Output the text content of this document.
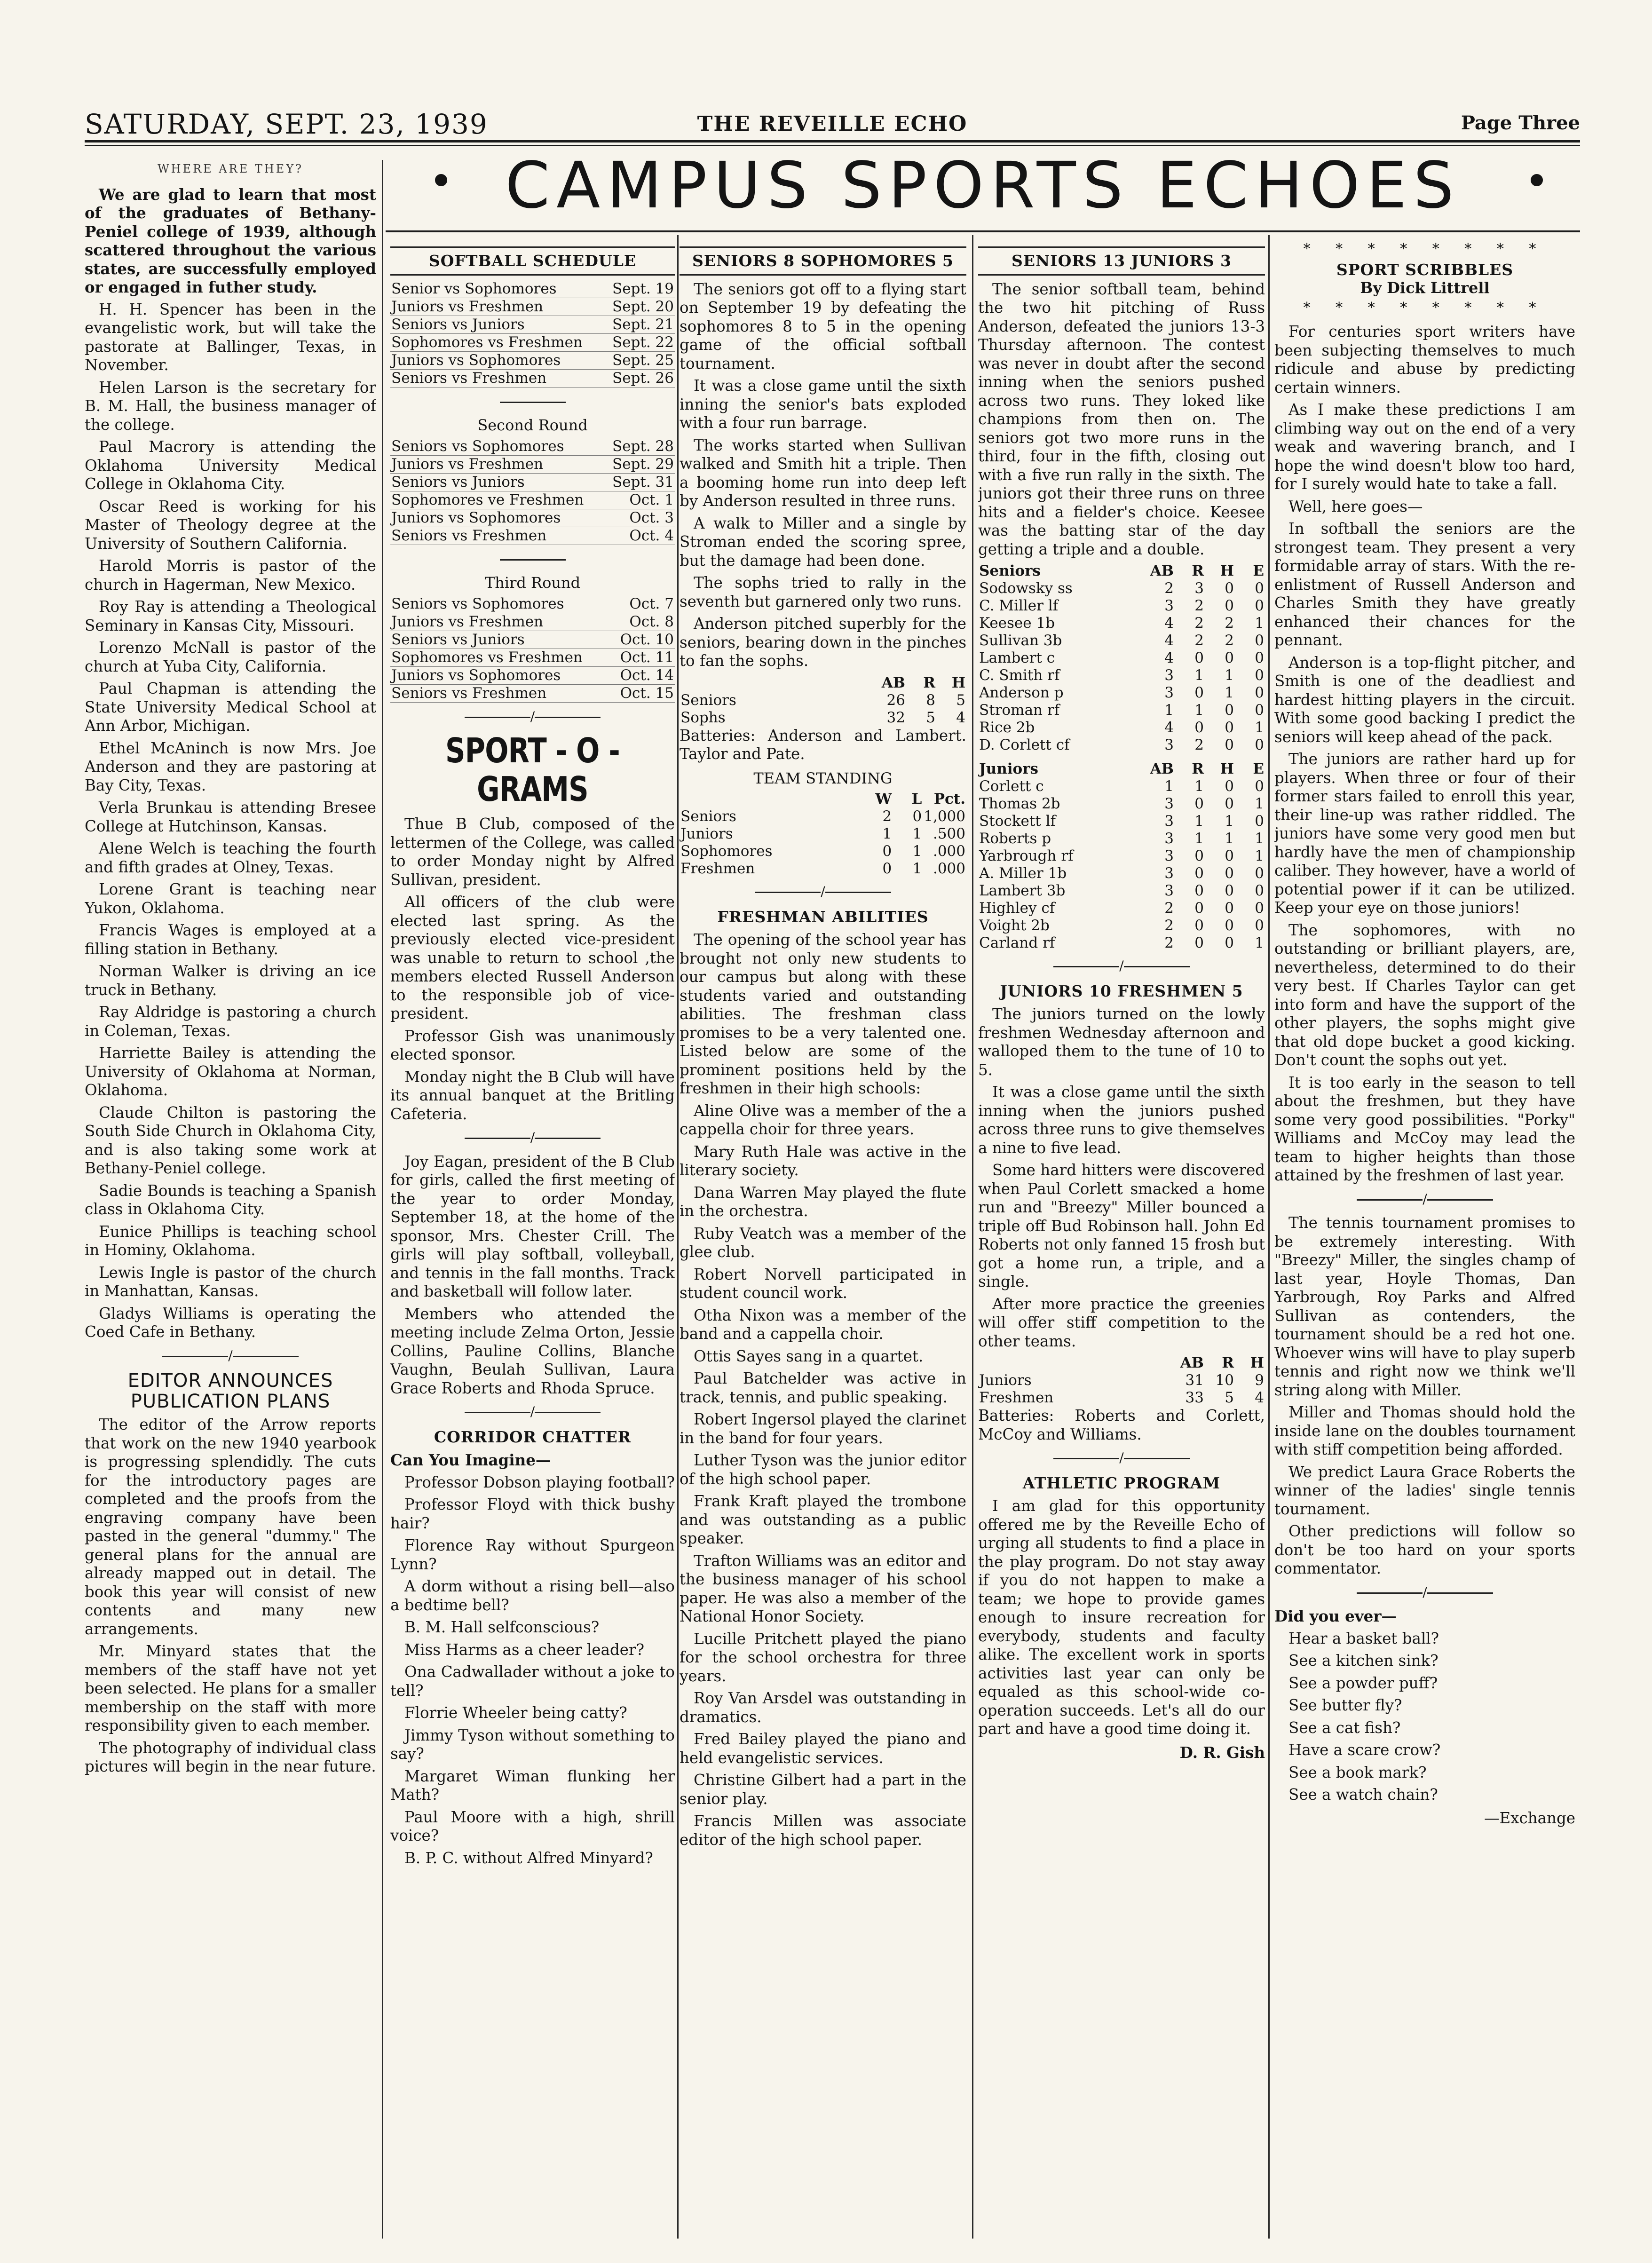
SATURDAY, SEPT. 23, 1939	THE REVEILLE ECHO	Page Three
CAMPUS SPORTS ECHOES
WHERE ARE THEY?

We are glad to learn that most of the graduates of Bethany-Peniel college of 1939, although scattered throughout the various states, are successfully employed or engaged in futher study.

H. H. Spencer has been in the evangelistic work, but will take the pastorate at Ballinger, Texas, in November.

Helen Larson is the secretary for B. M. Hall, the business manager of the college.

Paul Macrory is attending the Oklahoma University Medical College in Oklahoma City.

Oscar Reed is working for his Master of Theology degree at the University of Southern California.

Harold Morris is pastor of the church in Hagerman, New Mexico.

Roy Ray is attending a Theological Seminary in Kansas City, Missouri.

Lorenzo McNall is pastor of the church at Yuba City, California.

Paul Chapman is attending the State University Medical School at Ann Arbor, Michigan.

Ethel McAninch is now Mrs. Joe Anderson and they are pastoring at Bay City, Texas.

Verla Brunkau is attending Bresee College at Hutchinson, Kansas.

Alene Welch is teaching the fourth and fifth grades at Olney, Texas.

Lorene Grant is teaching near Yukon, Oklahoma.

Francis Wages is employed at a filling station in Bethany.

Norman Walker is driving an ice truck in Bethany.

Ray Aldridge is pastoring a church in Coleman, Texas.

Harriette Bailey is attending the University of Oklahoma at Norman, Oklahoma.

Claude Chilton is pastoring the South Side Church in Oklahoma City, and is also taking some work at Bethany-Peniel college.

Sadie Bounds is teaching a Spanish class in Oklahoma City.

Eunice Phillips is teaching school in Hominy, Oklahoma.

Lewis Ingle is pastor of the church in Manhattan, Kansas.

Gladys Williams is operating the Coed Cafe in Bethany.

/
EDITOR ANNOUNCES PUBLICATION PLANS

The editor of the Arrow reports that work on the new 1940 yearbook is progressing splendidly. The cuts for the introductory pages are completed and the proofs from the engraving company have been pasted in the general "dummy." The general plans for the annual are already mapped out in detail. The book this year will consist of new contents and many new arrangements.

Mr. Minyard states that the members of the staff have not yet been selected. He plans for a smaller membership on the staff with more responsibility given to each member.

The photography of individual class pictures will begin in the near future.

SOFTBALL SCHEDULE
Senior vs Sophomores	Sept. 19
Juniors vs Freshmen	Sept. 20
Seniors vs Juniors	Sept. 21
Sophomores vs Freshmen	Sept. 22
Juniors vs Sophomores	Sept. 25
Seniors vs Freshmen	Sept. 26
Second Round
Seniors vs Sophomores	Sept. 28
Juniors vs Freshmen	Sept. 29
Seniors vs Juniors	Sept. 31
Sophomores ve Freshmen	Oct. 1
Juniors vs Sophomores	Oct. 3
Seniors vs Freshmen	Oct. 4
Third Round
Seniors vs Sophomores	Oct. 7
Juniors vs Freshmen	Oct. 8
Seniors vs Juniors	Oct. 10
Sophomores vs Freshmen	Oct. 11
Juniors vs Sophomores	Oct. 14
Seniors vs Freshmen	Oct. 15
/
SPORT - O - GRAMS

Thue B Club, composed of the lettermen of the College, was called to order Monday night by Alfred Sullivan, president.

All officers of the club were elected last spring. As the previously elected vice-president was unable to return to school ,the members elected Russell Anderson to the responsible job of vice-president.

Professor Gish was unanimously elected sponsor.

Monday night the B Club will have its annual banquet at the Britling Cafeteria.

/

Joy Eagan, president of the B Club for girls, called the first meeting of the year to order Monday, September 18, at the home of the sponsor, Mrs. Chester Crill. The girls will play softball, volleyball, and tennis in the fall months. Track and basketball will follow later.

Members who attended the meeting include Zelma Orton, Jessie Collins, Pauline Collins, Blanche Vaughn, Beulah Sullivan, Laura Grace Roberts and Rhoda Spruce.

/
CORRIDOR CHATTER

Can You Imagine—

Professor Dobson playing football?

Professor Floyd with thick bushy hair?

Florence Ray without Spurgeon Lynn?

A dorm without a rising bell—also a bedtime bell?

B. M. Hall selfconscious?

Miss Harms as a cheer leader?

Ona Cadwallader without a joke to tell?

Florrie Wheeler being catty?

Jimmy Tyson without something to say?

Margaret Wiman flunking her Math?

Paul Moore with a high, shrill voice?

B. P. C. without Alfred Minyard?

SENIORS 8 SOPHOMORES 5

The seniors got off to a flying start on September 19 by defeating the sophomores 8 to 5 in the opening game of the official softball tournament.

It was a close game until the sixth inning the senior's bats exploded with a four run barrage.

The works started when Sullivan walked and Smith hit a triple. Then a booming home run into deep left by Anderson resulted in three runs.

A walk to Miller and a single by Stroman ended the scoring spree, but the damage had been done.

The sophs tried to rally in the seventh but garnered only two runs.

Anderson pitched superbly for the seniors, bearing down in the pinches to fan the sophs.

	AB	R	H
Seniors	26	8	5
Sophs	32	5	4

Batteries: Anderson and Lambert. Taylor and Pate.

TEAM STANDING
	W	L	Pct.
Seniors	2	0	1,000
Juniors	1	1	.500
Sophomores	0	1	.000
Freshmen	0	1	.000
/
FRESHMAN ABILITIES

The opening of the school year has brought not only new students to our campus but along with these students varied and outstanding abilities. The freshman class promises to be a very talented one. Listed below are some of the prominent positions held by the freshmen in their high schools:

Aline Olive was a member of the a cappella choir for three years.

Mary Ruth Hale was active in the literary society.

Dana Warren May played the flute in the orchestra.

Ruby Veatch was a member of the glee club.

Robert Norvell participated in student council work.

Otha Nixon was a member of the band and a cappella choir.

Ottis Sayes sang in a quartet.

Paul Batchelder was active in track, tennis, and public speaking.

Robert Ingersol played the clarinet in the band for four years.

Luther Tyson was the junior editor of the high school paper.

Frank Kraft played the trombone and was outstanding as a public speaker.

Trafton Williams was an editor and the business manager of his school paper. He was also a member of the National Honor Society.

Lucille Pritchett played the piano for the school orchestra for three years.

Roy Van Arsdel was outstanding in dramatics.

Fred Bailey played the piano and held evangelistic services.

Christine Gilbert had a part in the senior play.

Francis Millen was associate editor of the high school paper.

SENIORS 13 JUNIORS 3

The senior softball team, behind the two hit pitching of Russ Anderson, defeated the juniors 13-3 Thursday afternoon. The contest was never in doubt after the second inning when the seniors pushed across two runs. They loked like champions from then on. The seniors got two more runs in the third, four in the fifth, closing out with a five run rally in the sixth. The juniors got their three runs on three hits and a fielder's choice. Keesee was the batting star of the day getting a triple and a double.

Seniors	AB	R	H	E
Sodowsky ss	2	3	0	0
C. Miller lf	3	2	0	0
Keesee 1b	4	2	2	1
Sullivan 3b	4	2	2	0
Lambert c	4	0	0	0
C. Smith rf	3	1	1	0
Anderson p	3	0	1	0
Stroman rf	1	1	0	0
Rice 2b	4	0	0	1
D. Corlett cf	3	2	0	0

Juniors	AB	R	H	E
Corlett c	1	1	0	0
Thomas 2b	3	0	0	1
Stockett lf	3	1	1	0
Roberts p	3	1	1	1
Yarbrough rf	3	0	0	1
A. Miller 1b	3	0	0	0
Lambert 3b	3	0	0	0
Highley cf	2	0	0	0
Voight 2b	2	0	0	0
Carland rf	2	0	0	1
/
JUNIORS 10 FRESHMEN 5

The juniors turned on the lowly freshmen Wednesday afternoon and walloped them to the tune of 10 to 5.

It was a close game until the sixth inning when the juniors pushed across three runs to give themselves a nine to five lead.

Some hard hitters were discovered when Paul Corlett smacked a home run and "Breezy" Miller bounced a triple off Bud Robinson hall. John Ed Roberts not only fanned 15 frosh but got a home run, a triple, and a single.

After more practice the greenies will offer stiff competition to the other teams.

	AB	R	H
Juniors	31	10	9
Freshmen	33	5	4

Batteries: Roberts and Corlett, McCoy and Williams.

/
ATHLETIC PROGRAM

I am glad for this opportunity offered me by the Reveille Echo of urging all students to find a place in the play program. Do not stay away if you do not happen to make a team; we hope to provide games enough to insure recreation for everybody, students and faculty alike. The excellent work in sports activities last year can only be equaled as this school-wide co-operation succeeds. Let's all do our part and have a good time doing it.

D. R. Gish
* * * * * * * *
SPORT SCRIBBLES
By Dick Littrell
* * * * * * * *

For centuries sport writers have been subjecting themselves to much ridicule and abuse by predicting certain winners.

As I make these predictions I am climbing way out on the end of a very weak and wavering branch, and I hope the wind doesn't blow too hard, for I surely would hate to take a fall.

Well, here goes—

In softball the seniors are the strongest team. They present a very formidable array of stars. With the re-enlistment of Russell Anderson and Charles Smith they have greatly enhanced their chances for the pennant.

Anderson is a top-flight pitcher, and Smith is one of the deadliest and hardest hitting players in the circuit. With some good backing I predict the seniors will keep ahead of the pack.

The juniors are rather hard up for players. When three or four of their former stars failed to enroll this year, their line-up was rather riddled. The juniors have some very good men but hardly have the men of championship caliber. They however, have a world of potential power if it can be utilized. Keep your eye on those juniors!

The sophomores, with no outstanding or brilliant players, are, nevertheless, determined to do their very best. If Charles Taylor can get into form and have the support of the other players, the sophs might give that old dope bucket a good kicking. Don't count the sophs out yet.

It is too early in the season to tell about the freshmen, but they have some very good possibilities. "Porky" Williams and McCoy may lead the team to higher heights than those attained by the freshmen of last year.

/

The tennis tournament promises to be extremely interesting. With "Breezy" Miller, the singles champ of last year, Hoyle Thomas, Dan Yarbrough, Roy Parks and Alfred Sullivan as contenders, the tournament should be a red hot one. Whoever wins will have to play superb tennis and right now we think we'll string along with Miller.

Miller and Thomas should hold the inside lane on the doubles tournament with stiff competition being afforded.

We predict Laura Grace Roberts the winner of the ladies' single tennis tournament.

Other predictions will follow so don't be too hard on your sports commentator.

/

Did you ever—

Hear a basket ball?

See a kitchen sink?

See a powder puff?

See butter fly?

See a cat fish?

Have a scare crow?

See a book mark?

See a watch chain?

—Exchange
